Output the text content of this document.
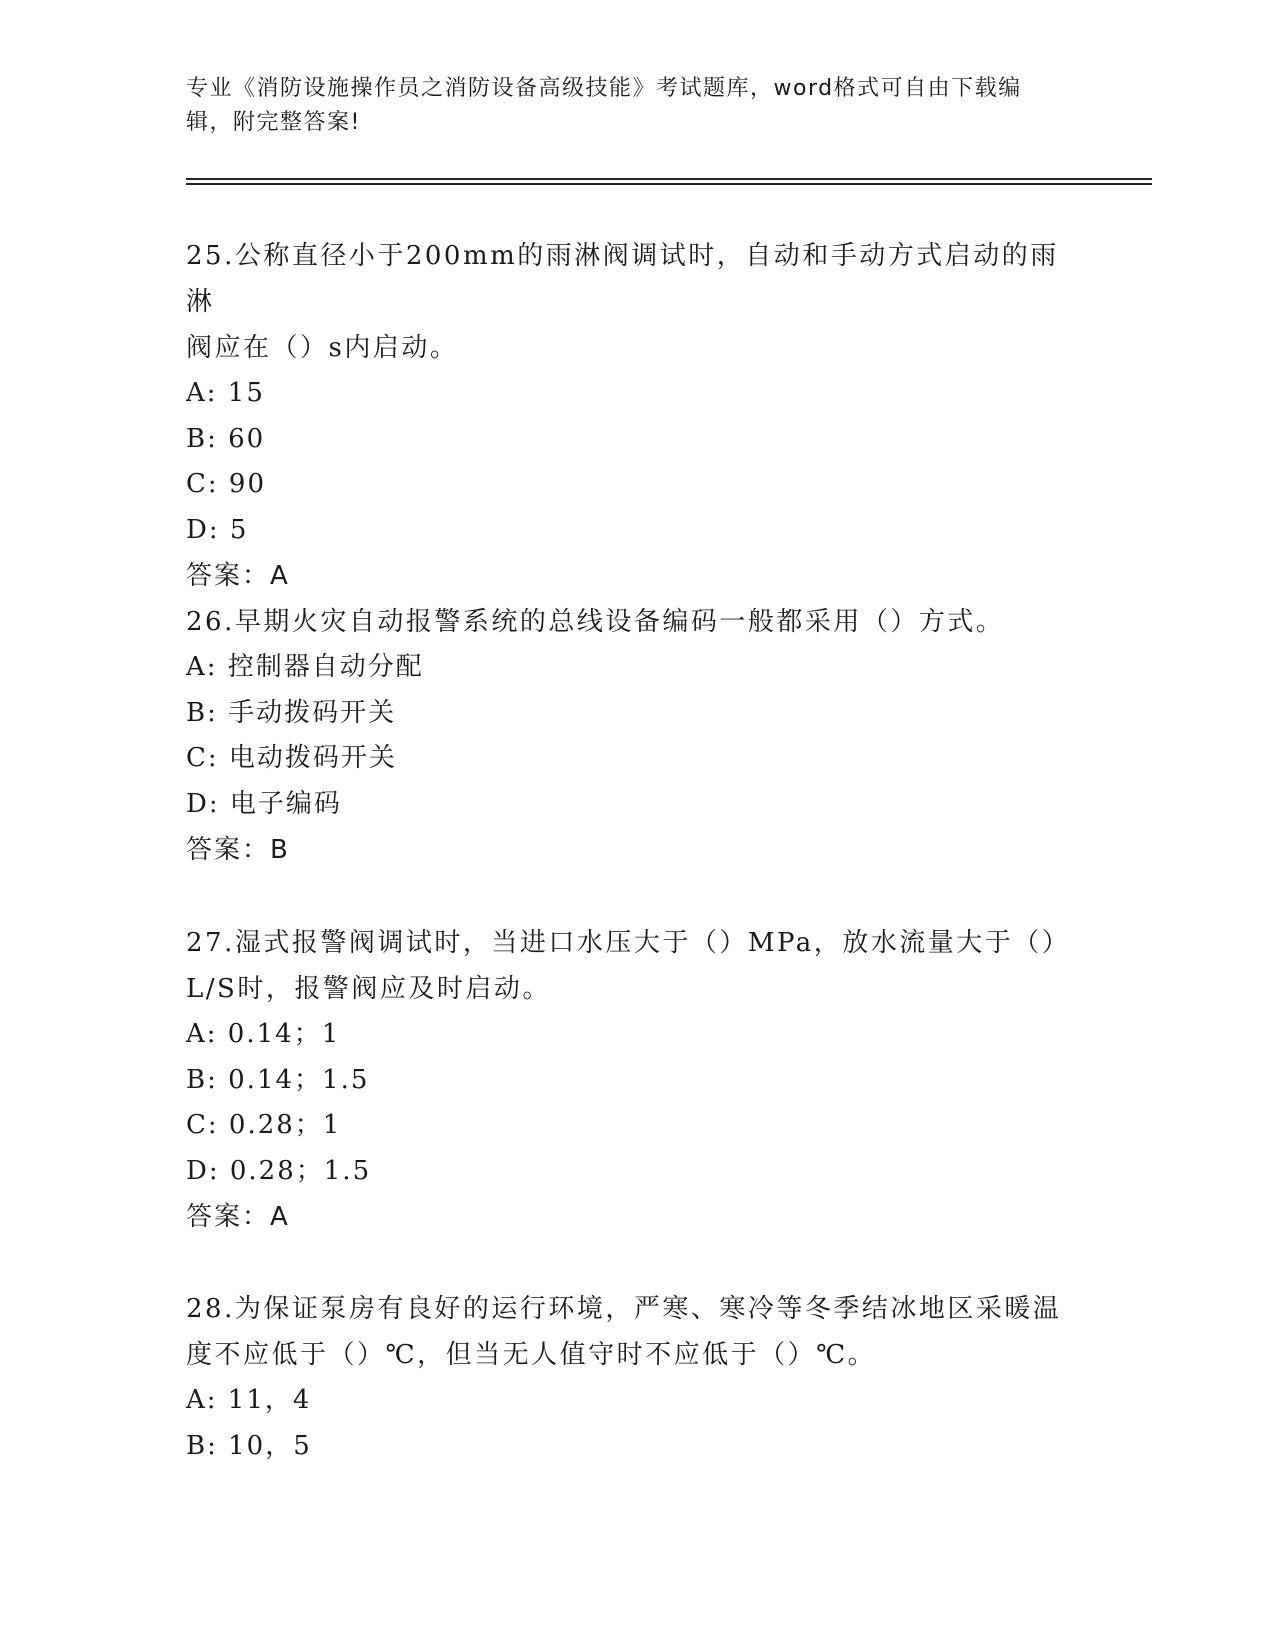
专业《消防设施操作员之消防设备高级技能》考试题库，word格式可自由下载编
辑，附完整答案!

25.公称直径小于200mm的雨淋阀调试时，自动和手动方式启动的雨淋

阀应在（）s内启动。

A: 15

B: 60

C: 90

D: 5

答案：A

26.早期火灾自动报警系统的总线设备编码一般都采用（）方式。

A: 控制器自动分配

B: 手动拨码开关

C: 电动拨码开关

D: 电子编码

答案：B

27.湿式报警阀调试时，当进口水压大于（）MPa，放水流量大于（）

L/S时，报警阀应及时启动。

A: 0.14；1

B: 0.14；1.5

C: 0.28；1

D: 0.28；1.5

答案：A

28.为保证泵房有良好的运行环境，严寒、寒冷等冬季结冰地区采暖温

度不应低于（）℃，但当无人值守时不应低于（）℃。

A: 11，4

B: 10，5
